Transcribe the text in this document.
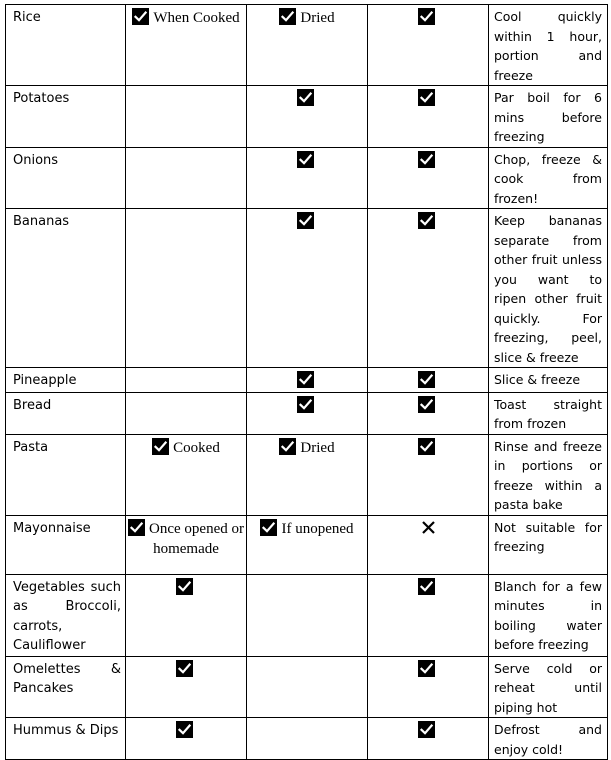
Rice	When Cooked	Dried		Cool quickly within 1 hour, portion and freeze
Potatoes				Par boil for 6 mins before freezing
Onions				Chop, freeze & cook from frozen!
Bananas				Keep bananas separate from other fruit unless you want to ripen other fruit quickly. For freezing, peel, slice & freeze
Pineapple				Slice & freeze
Bread				Toast straight from frozen
Pasta	Cooked	Dried		Rinse and freeze in portions or freeze within a pasta bake
Mayonnaise	Once opened or homemade	If unopened		Not suitable for freezing
Vegetables such as Broccoli, carrots, Cauliflower				Blanch for a few minutes in boiling water before freezing
Omelettes & Pancakes				Serve cold or reheat until piping hot
Hummus & Dips				Defrost and enjoy cold!
